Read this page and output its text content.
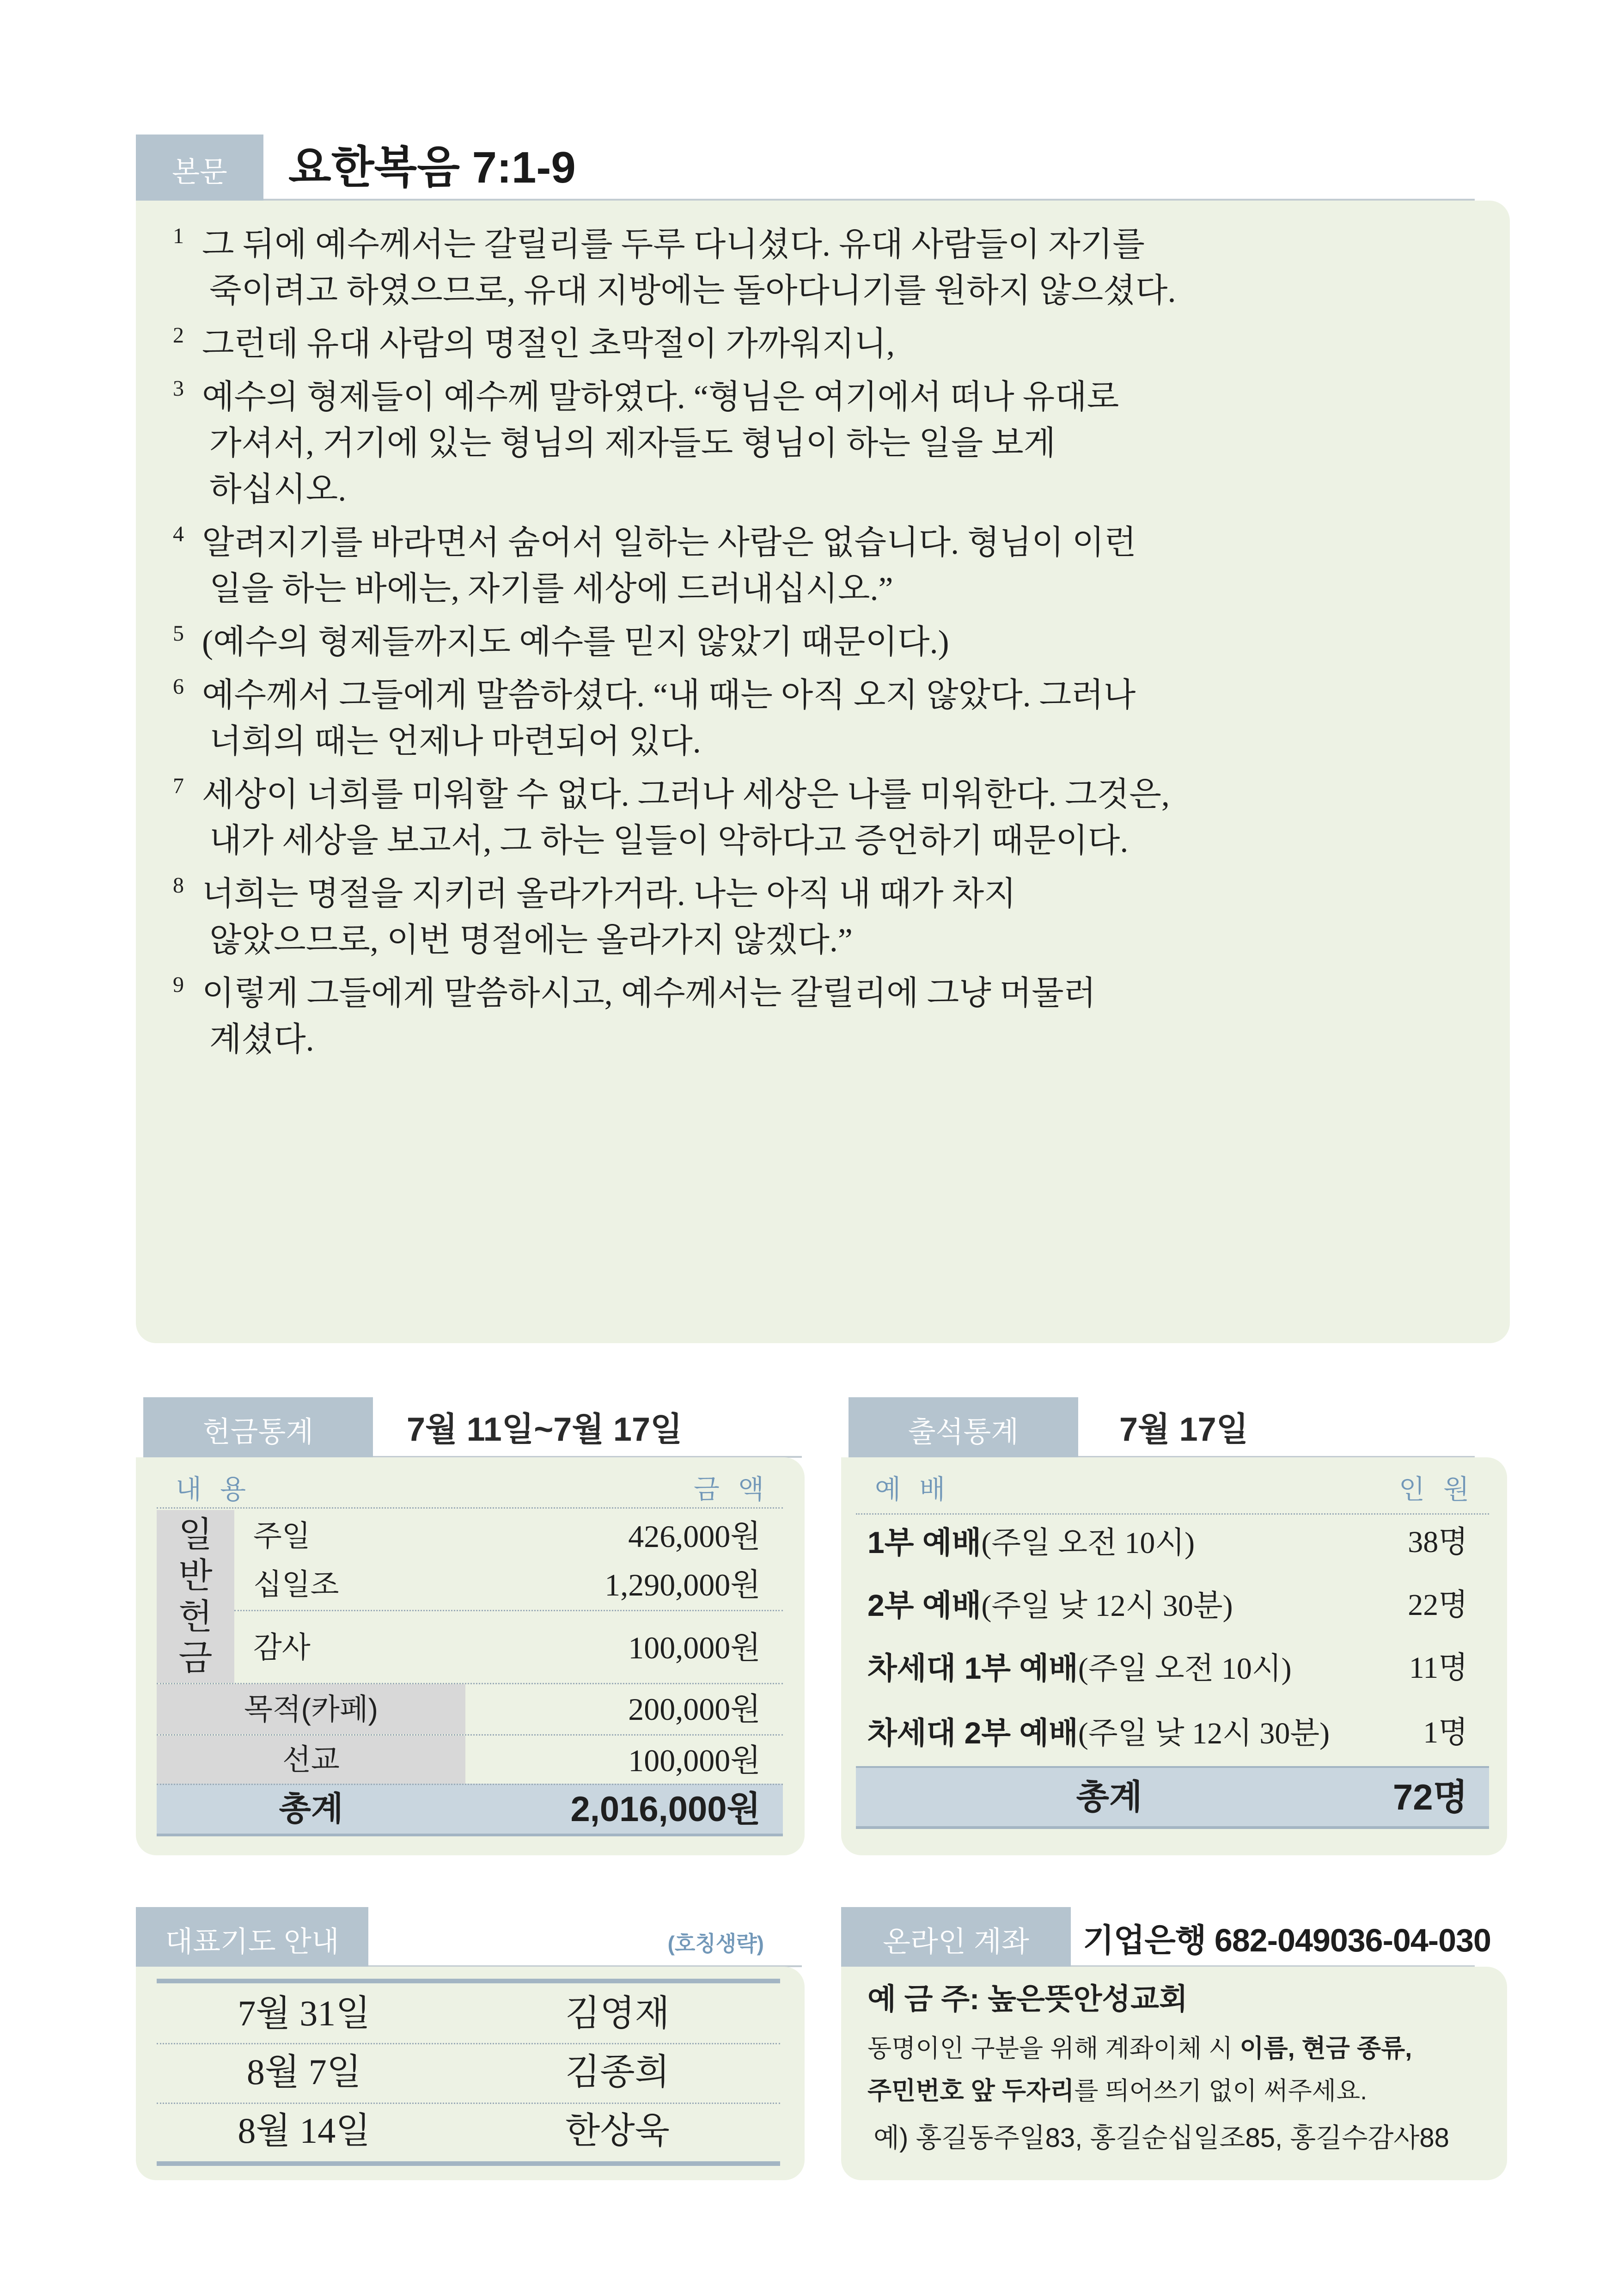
본문	요한복음 7:1-9
1 그 뒤에 예수께서는 갈릴리를 두루 다니셨다. 유대 사람들이 자기를
죽이려고 하였으므로, 유대 지방에는 돌아다니기를 원하지 않으셨다.
2 그런데 유대 사람의 명절인 초막절이 가까워지니,
3 예수의 형제들이 예수께 말하였다. “형님은 여기에서 떠나 유대로
가셔서, 거기에 있는 형님의 제자들도 형님이 하는 일을 보게
하십시오.
4 알려지기를 바라면서 숨어서 일하는 사람은 없습니다. 형님이 이런
일을 하는 바에는, 자기를 세상에 드러내십시오.”
5 (예수의 형제들까지도 예수를 믿지 않았기 때문이다.)
6 예수께서 그들에게 말씀하셨다. “내 때는 아직 오지 않았다. 그러나
너희의 때는 언제나 마련되어 있다.
7 세상이 너희를 미워할 수 없다. 그러나 세상은 나를 미워한다. 그것은,
내가 세상을 보고서, 그 하는 일들이 악하다고 증언하기 때문이다.
8 너희는 명절을 지키러 올라가거라. 나는 아직 내 때가 차지
않았으므로, 이번 명절에는 올라가지 않겠다.”
9 이렇게 그들에게 말씀하시고, 예수께서는 갈릴리에 그냥 머물러
계셨다.
헌금통계	7월 11일~7월 17일
내 용	금 액
일반헌금
주일	426,000원
십일조	1,290,000원
감사	100,000원
목적(카페)	200,000원
선교	100,000원
총계	2,016,000원
출석통계	7월 17일
예 배	인 원
1부 예배(주일 오전 10시)	38명
2부 예배(주일 낮 12시 30분)	22명
차세대 1부 예배(주일 오전 10시)	11명
차세대 2부 예배(주일 낮 12시 30분)	1명
총계	72명
대표기도 안내	(호칭생략)
7월 31일	김영재
8월 7일	김종희
8월 14일	한상욱
온라인 계좌	기업은행 682-049036-04-030
예 금 주: 높은뜻안성교회
동명이인 구분을 위해 계좌이체 시 이름, 현금 종류,
주민번호 앞 두자리를 띄어쓰기 없이 써주세요.
예) 홍길동주일83, 홍길순십일조85, 홍길수감사88
